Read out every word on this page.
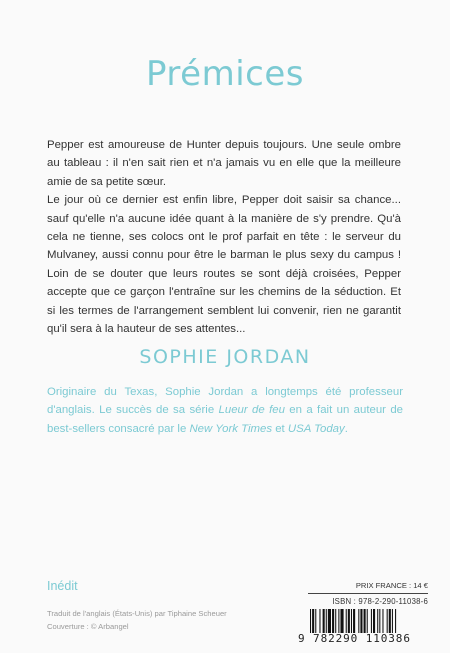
Prémices

Pepper est amoureuse de Hunter depuis toujours. Une seule ombre au tableau : il n'en sait rien et n'a jamais vu en elle que la meilleure amie de sa petite sœur.

Le jour où ce dernier est enfin libre, Pepper doit saisir sa chance... sauf qu'elle n'a aucune idée quant à la manière de s'y prendre. Qu'à cela ne tienne, ses colocs ont le prof parfait en tête : le serveur du Mulvaney, aussi connu pour être le barman le plus sexy du campus ! Loin de se douter que leurs routes se sont déjà croisées, Pepper accepte que ce garçon l'entraîne sur les chemins de la séduction. Et si les termes de l'arrangement semblent lui convenir, rien ne garantit qu'il sera à la hauteur de ses attentes...

SOPHIE JORDAN

Originaire du Texas, Sophie Jordan a longtemps été professeur d'anglais. Le succès de sa série Lueur de feu en a fait un auteur de best-sellers consacré par le New York Times et USA Today.

Inédit
Traduit de l'anglais (États-Unis) par Tiphaine Scheuer
Couverture : © Arbangel
PRIX FRANCE : 14 €
ISBN : 978-2-290-11038-6
9 782290 110386
